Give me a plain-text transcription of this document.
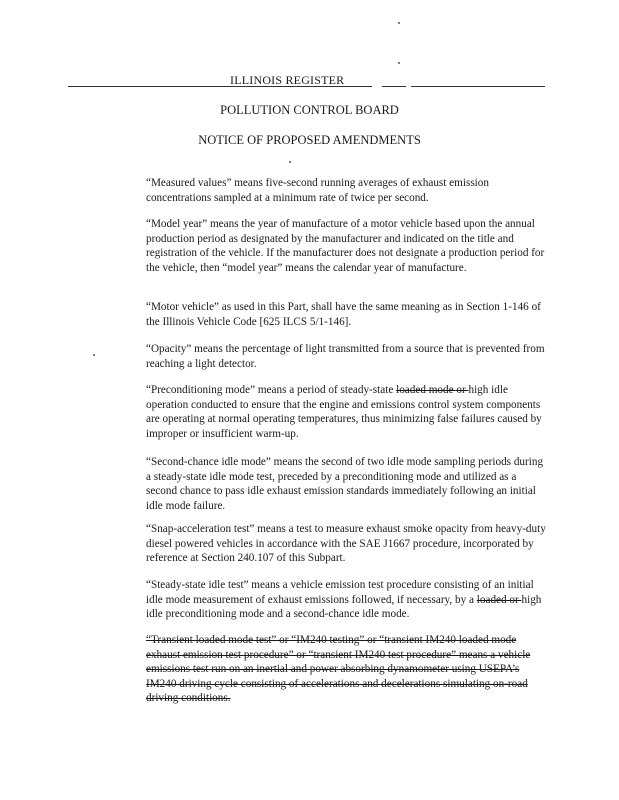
ILLINOIS REGISTER
POLLUTION CONTROL BOARD
NOTICE OF PROPOSED AMENDMENTS

“Measured values” means five-second running averages of exhaust emission concentrations sampled at a minimum rate of twice per second.

“Model year” means the year of manufacture of a motor vehicle based upon the annual production period as designated by the manufacturer and indicated on the title and registration of the vehicle. If the manufacturer does not designate a production period for the vehicle, then “model year” means the calendar year of manufacture.

“Motor vehicle” as used in this Part, shall have the same meaning as in Section 1-146 of the Illinois Vehicle Code [625 ILCS 5/1-146].

“Opacity” means the percentage of light transmitted from a source that is prevented from reaching a light detector.

“Preconditioning mode” means a period of steady-state loaded mode or high idle operation conducted to ensure that the engine and emissions control system components are operating at normal operating temperatures, thus minimizing false failures caused by improper or insufficient warm-up.

“Second-chance idle mode” means the second of two idle mode sampling periods during a steady-state idle mode test, preceded by a preconditioning mode and utilized as a second chance to pass idle exhaust emission standards immediately following an initial idle mode failure.

“Snap-acceleration test” means a test to measure exhaust smoke opacity from heavy-duty diesel powered vehicles in accordance with the SAE J1667 procedure, incorporated by reference at Section 240.107 of this Subpart.

“Steady-state idle test” means a vehicle emission test procedure consisting of an initial idle mode measurement of exhaust emissions followed, if necessary, by a loaded or high idle preconditioning mode and a second-chance idle mode.

“Transient loaded mode test” or “IM240 testing” or “transient IM240 loaded mode exhaust emission test procedure” or “transient IM240 test procedure” means a vehicle emissions test run on an inertial and power absorbing dynamometer using USEPA’s IM240 driving cycle consisting of accelerations and decelerations simulating on-road driving conditions.
